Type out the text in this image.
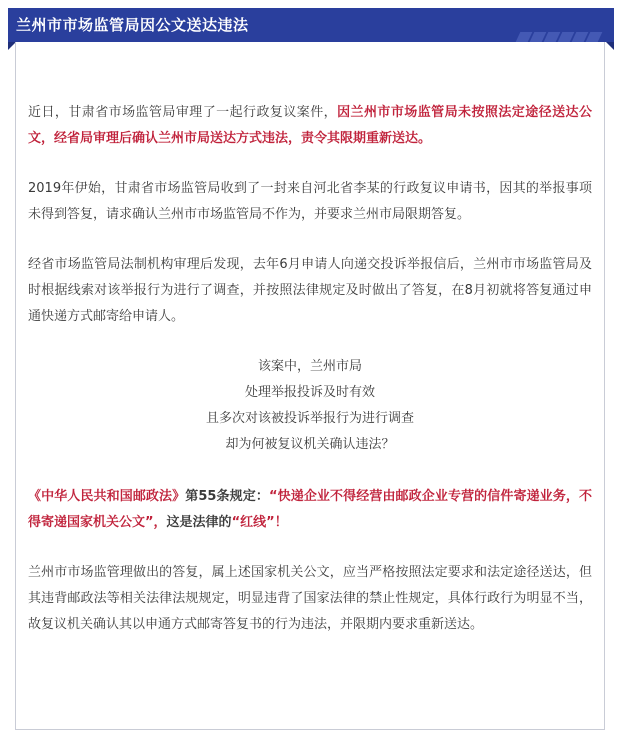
兰州市市场监管局因公文送达违法

近日，甘肃省市场监管局审理了一起行政复议案件，因兰州市市场监管局未按照法定途径送达公文，经省局审理后确认兰州市局送达方式违法，责令其限期重新送达。

2019年伊始，甘肃省市场监管局收到了一封来自河北省李某的行政复议申请书，因其的举报事项未得到答复，请求确认兰州市市场监管局不作为，并要求兰州市局限期答复。

经省市场监管局法制机构审理后发现，去年6月申请人向递交投诉举报信后，兰州市市场监管局及时根据线索对该举报行为进行了调查，并按照法律规定及时做出了答复，在8月初就将答复通过申通快递方式邮寄给申请人。

该案中，兰州市局
处理举报投诉及时有效
且多次对该被投诉举报行为进行调查
却为何被复议机关确认违法？

《中华人民共和国邮政法》第55条规定：“快递企业不得经营由邮政企业专营的信件寄递业务，不得寄递国家机关公文”，这是法律的“红线”！

兰州市市场监管理做出的答复，属上述国家机关公文，应当严格按照法定要求和法定途径送达，但其违背邮政法等相关法律法规规定，明显违背了国家法律的禁止性规定，具体行政行为明显不当，故复议机关确认其以申通方式邮寄答复书的行为违法，并限期内要求重新送达。
